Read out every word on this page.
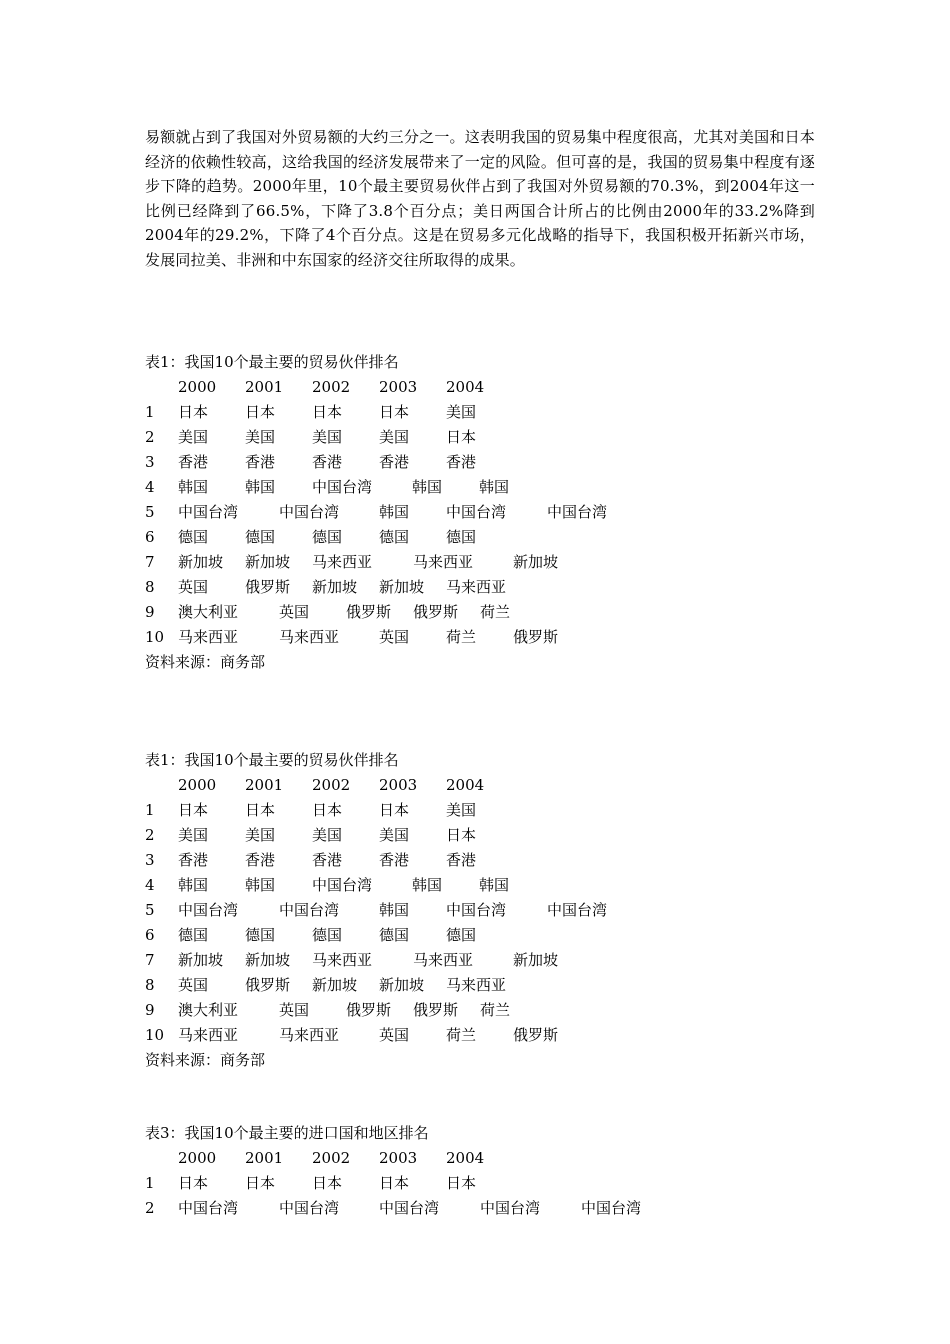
易额就占到了我国对外贸易额的大约三分之一。这表明我国的贸易集中程度很高，尤其对美国和日本经济的依赖性较高，这给我国的经济发展带来了一定的风险。但可喜的是，我国的贸易集中程度有逐步下降的趋势。2000年里，10个最主要贸易伙伴占到了我国对外贸易额的70.3%，到2004年这一比例已经降到了66.5%，下降了3.8个百分点；美日两国合计所占的比例由2000年的33.2%降到2004年的29.2%，下降了4个百分点。这是在贸易多元化战略的指导下，我国积极开拓新兴市场，发展同拉美、非洲和中东国家的经济交往所取得的成果。

表1：我国10个最主要的贸易伙伴排名
2000 2001 2002 2003 2004
1 日本 日本 日本 日本 美国
2 美国 美国 美国 美国 日本
3 香港 香港 香港 香港 香港
4 韩国 韩国 中国台湾	韩国 韩国
5 中国台湾	中国台湾	韩国 中国台湾	中国台湾
6 德国 德国 德国 德国 德国
7 新加坡 新加坡 马来西亚	马来西亚	新加坡
8 英国 俄罗斯 新加坡 新加坡 马来西亚
9 澳大利亚	英国 俄罗斯 俄罗斯 荷兰
10 马来西亚	马来西亚	英国 荷兰 俄罗斯
资料来源：商务部
表1：我国10个最主要的贸易伙伴排名
2000 2001 2002 2003 2004
1 日本 日本 日本 日本 美国
2 美国 美国 美国 美国 日本
3 香港 香港 香港 香港 香港
4 韩国 韩国 中国台湾	韩国 韩国
5 中国台湾	中国台湾	韩国 中国台湾	中国台湾
6 德国 德国 德国 德国 德国
7 新加坡 新加坡 马来西亚	马来西亚	新加坡
8 英国 俄罗斯 新加坡 新加坡 马来西亚
9 澳大利亚	英国 俄罗斯 俄罗斯 荷兰
10 马来西亚	马来西亚	英国 荷兰 俄罗斯
资料来源：商务部
表3：我国10个最主要的进口国和地区排名
2000 2001 2002 2003 2004
1 日本 日本 日本 日本 日本
2 中国台湾	中国台湾	中国台湾	中国台湾	中国台湾
